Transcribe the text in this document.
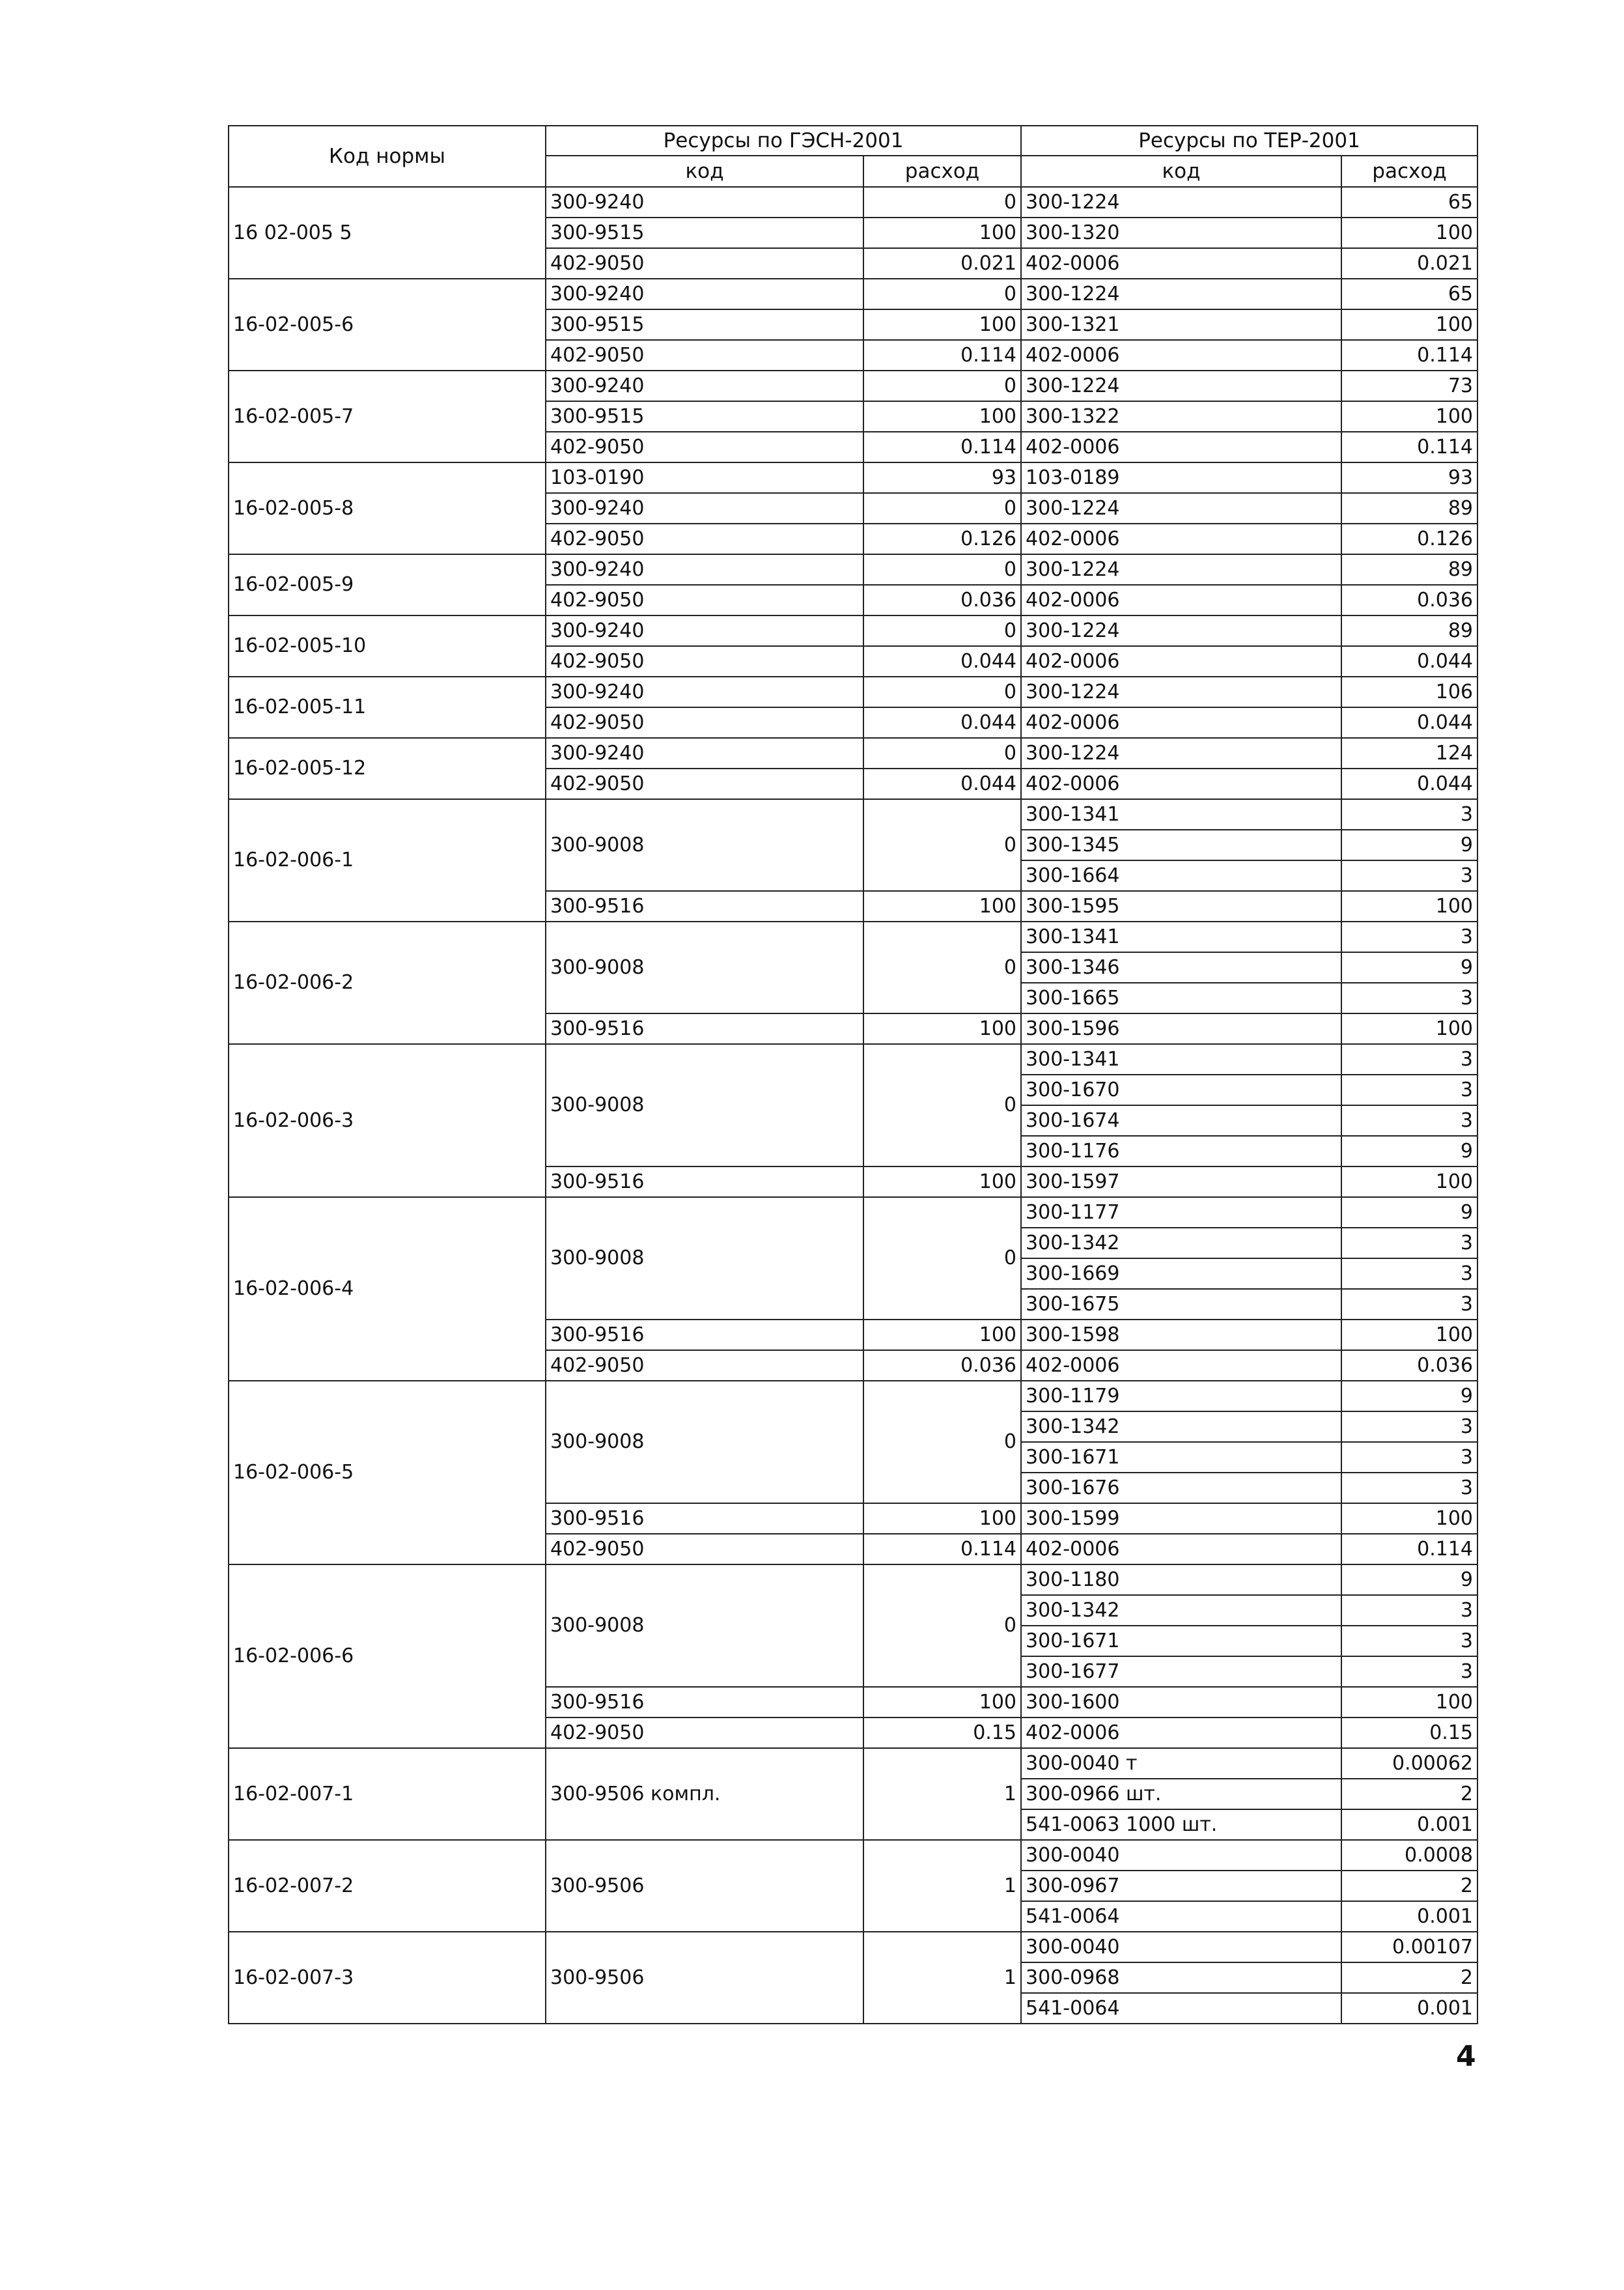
Код нормы	Ресурсы по ГЭСН-2001		Ресурсы по ТЕР-2001	
	код	расход	код	расход
16 02-005 5	300-9240	0	300-1224	65
	300-9515	100	300-1320	100
	402-9050	0.021	402-0006	0.021
16-02-005-6	300-9240	0	300-1224	65
	300-9515	100	300-1321	100
	402-9050	0.114	402-0006	0.114
16-02-005-7	300-9240	0	300-1224	73
	300-9515	100	300-1322	100
	402-9050	0.114	402-0006	0.114
16-02-005-8	103-0190	93	103-0189	93
	300-9240	0	300-1224	89
	402-9050	0.126	402-0006	0.126
16-02-005-9	300-9240	0	300-1224	89
	402-9050	0.036	402-0006	0.036
16-02-005-10	300-9240	0	300-1224	89
	402-9050	0.044	402-0006	0.044
16-02-005-11	300-9240	0	300-1224	106
	402-9050	0.044	402-0006	0.044
16-02-005-12	300-9240	0	300-1224	124
	402-9050	0.044	402-0006	0.044
16-02-006-1	300-9008	0	300-1341	3
			300-1345	9
			300-1664	3
	300-9516	100	300-1595	100
16-02-006-2	300-9008	0	300-1341	3
			300-1346	9
			300-1665	3
	300-9516	100	300-1596	100
16-02-006-3	300-9008	0	300-1341	3
			300-1670	3
			300-1674	3
			300-1176	9
	300-9516	100	300-1597	100
16-02-006-4	300-9008	0	300-1177	9
			300-1342	3
			300-1669	3
			300-1675	3
	300-9516	100	300-1598	100
	402-9050	0.036	402-0006	0.036
16-02-006-5	300-9008	0	300-1179	9
			300-1342	3
			300-1671	3
			300-1676	3
	300-9516	100	300-1599	100
	402-9050	0.114	402-0006	0.114
16-02-006-6	300-9008	0	300-1180	9
			300-1342	3
			300-1671	3
			300-1677	3
	300-9516	100	300-1600	100
	402-9050	0.15	402-0006	0.15
16-02-007-1	300-9506 компл.	1	300-0040 т	0.00062
			300-0966 шт.	2
			541-0063 1000 шт.	0.001
16-02-007-2	300-9506	1	300-0040	0.0008
			300-0967	2
			541-0064	0.001
16-02-007-3	300-9506	1	300-0040	0.00107
			300-0968	2
			541-0064	0.001
4
